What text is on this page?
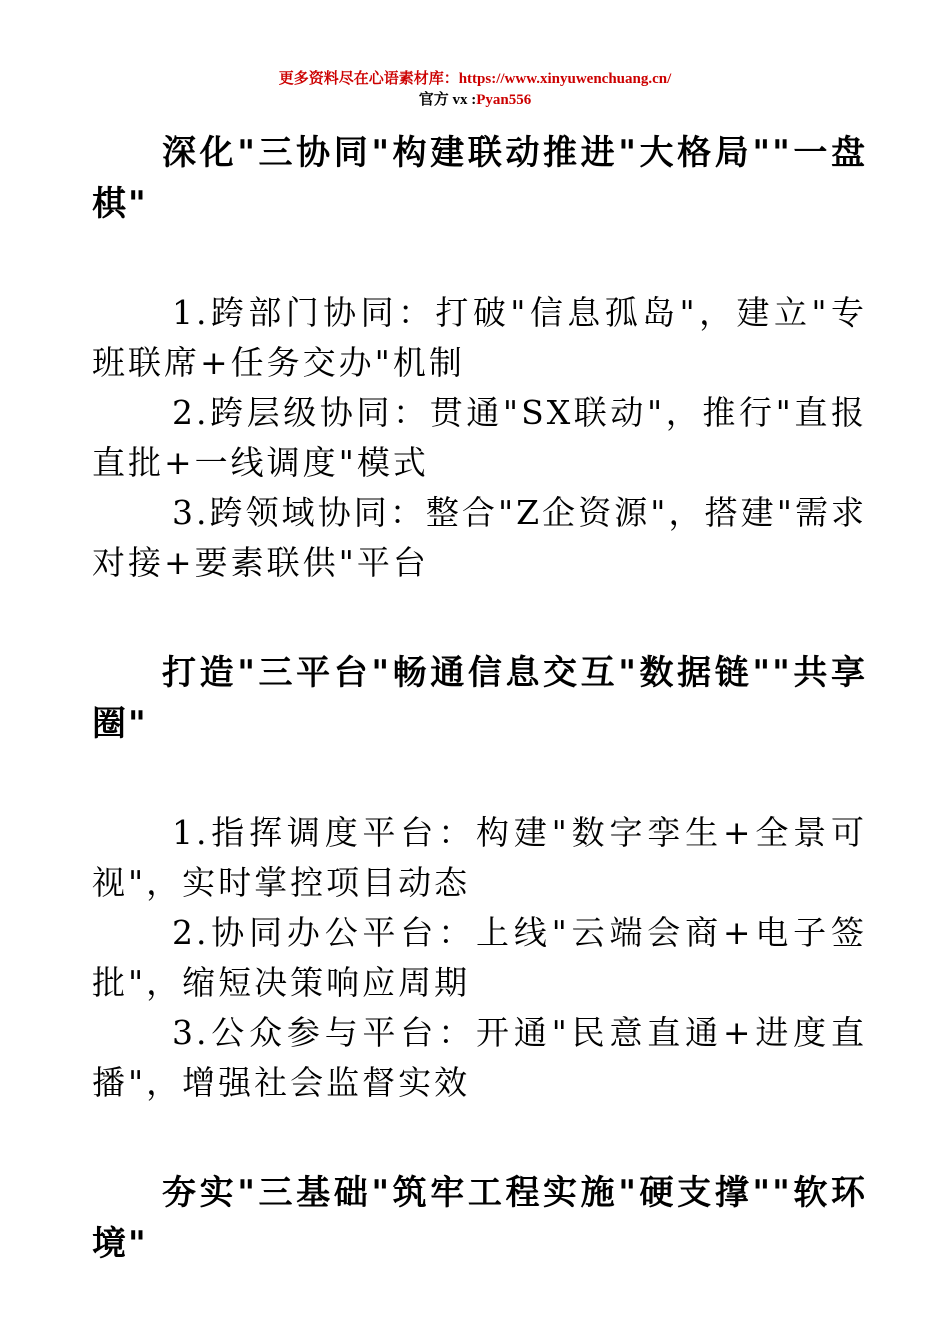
更多资料尽在心语素材库：https://www.xinyuwenchuang.cn/
官方 vx :Pyan556

深化"三协同"构建联动推进"大格局""一盘棋"

1.跨部门协同：打破"信息孤岛"，建立"专班联席+任务交办"机制

2.跨层级协同：贯通"SX联动"，推行"直报直批+一线调度"模式

3.跨领域协同：整合"Z企资源"，搭建"需求对接+要素联供"平台

打造"三平台"畅通信息交互"数据链""共享圈"

1.指挥调度平台：构建"数字孪生+全景可视"，实时掌控项目动态

2.协同办公平台：上线"云端会商+电子签批"，缩短决策响应周期

3.公众参与平台：开通"民意直通+进度直播"，增强社会监督实效

夯实"三基础"筑牢工程实施"硬支撑""软环境"
